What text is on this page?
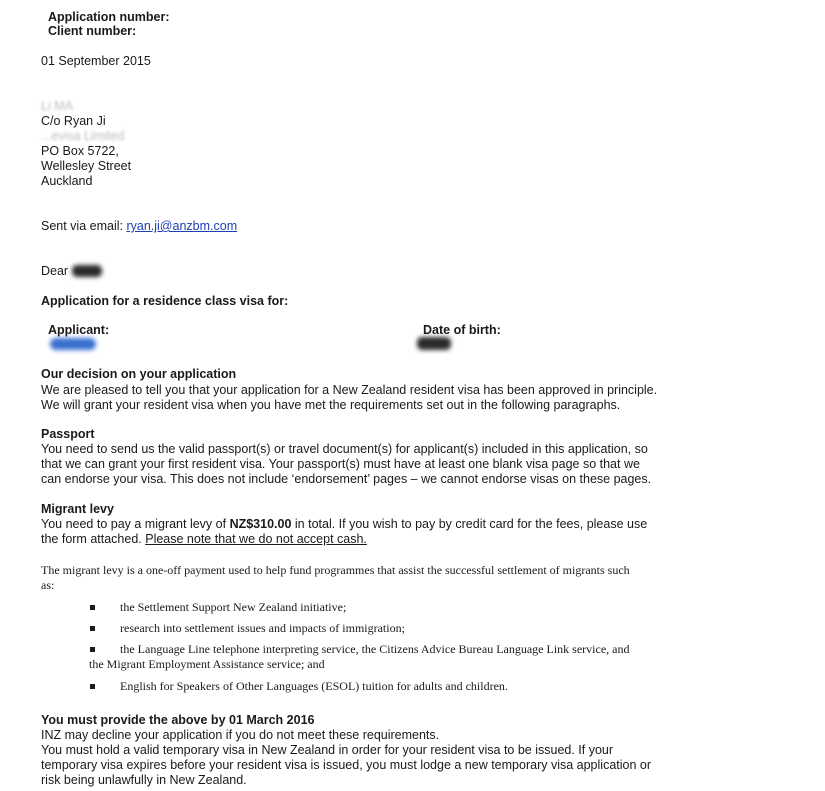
Application number:
Client number:
01 September 2015
Li MA
C/o Ryan Ji
...evisa Limited
PO Box 5722,
Wellesley Street
Auckland
Sent via email: ryan.ji@anzbm.com
Dear
Application for a residence class visa for:
Applicant:	Date of birth:
Our decision on your application
We are pleased to tell you that your application for a New Zealand resident visa has been approved in principle.
We will grant your resident visa when you have met the requirements set out in the following paragraphs.
Passport
You need to send us the valid passport(s) or travel document(s) for applicant(s) included in this application, so
that we can grant your first resident visa. Your passport(s) must have at least one blank visa page so that we
can endorse your visa. This does not include ‘endorsement’ pages – we cannot endorse visas on these pages.
Migrant levy
You need to pay a migrant levy of NZ$310.00 in total. If you wish to pay by credit card for the fees, please use
the form attached. Please note that we do not accept cash.
The migrant levy is a one-off payment used to help fund programmes that assist the successful settlement of migrants such
as:
the Settlement Support New Zealand initiative;
research into settlement issues and impacts of immigration;
the Language Line telephone interpreting service, the Citizens Advice Bureau Language Link service, and
the Migrant Employment Assistance service; and
English for Speakers of Other Languages (ESOL) tuition for adults and children.
You must provide the above by 01 March 2016
INZ may decline your application if you do not meet these requirements.
You must hold a valid temporary visa in New Zealand in order for your resident visa to be issued. If your
temporary visa expires before your resident visa is issued, you must lodge a new temporary visa application or
risk being unlawfully in New Zealand.
